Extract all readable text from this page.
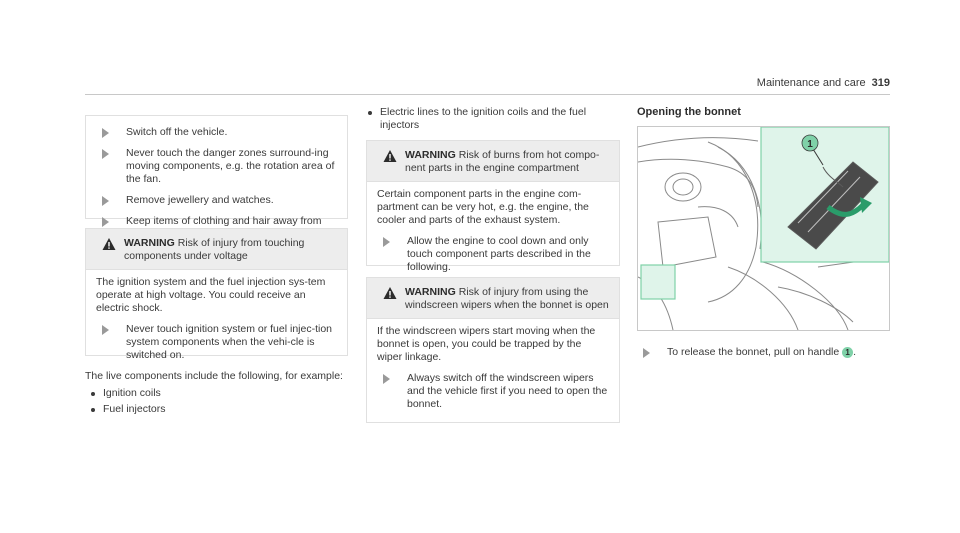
Maintenance and care 319
Switch off the vehicle.
Never touch the danger zones surround-ing moving components, e.g. the rotation area of the fan.
Remove jewellery and watches.
Keep items of clothing and hair away from
WARNING Risk of injury from touching components under voltage

The ignition system and the fuel injection sys-tem operate at high voltage. You could receive an electric shock.

Never touch ignition system or fuel injec-tion system components when the vehi-cle is switched on.

The live components include the following, for example:

Ignition coils
Fuel injectors
Electric lines to the ignition coils and the fuel injectors
WARNING Risk of burns from hot compo-nent parts in the engine compartment

Certain component parts in the engine com-partment can be very hot, e.g. the engine, the cooler and parts of the exhaust system.

Allow the engine to cool down and only touch component parts described in the following.
WARNING Risk of injury from using the windscreen wipers when the bonnet is open

If the windscreen wipers start moving when the bonnet is open, you could be trapped by the wiper linkage.

Always switch off the windscreen wipers and the vehicle first if you need to open the bonnet.
Opening the bonnet
1
To release the bonnet, pull on handle 1 .
